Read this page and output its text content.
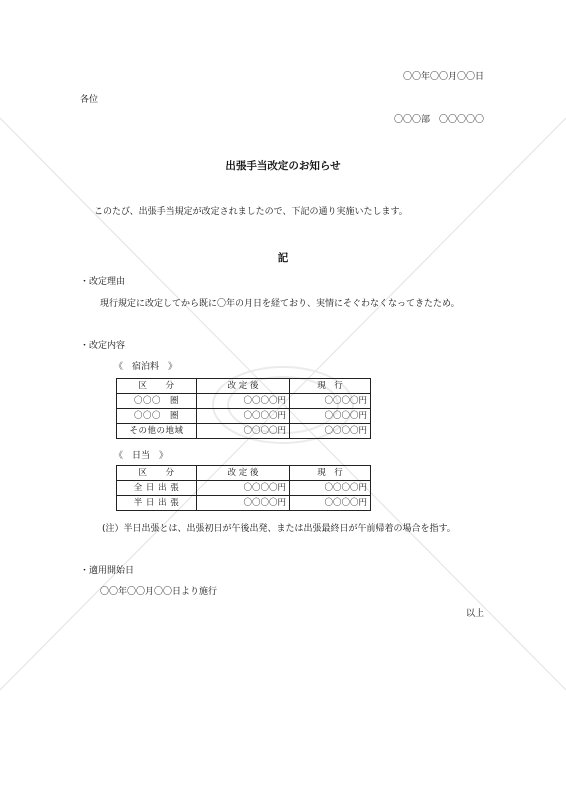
〇〇年〇〇月〇〇日
各位
〇〇〇部　〇〇〇〇〇
出張手当改定のお知らせ
このたび、出張手当規定が改定されましたので、下記の通り実施いたします。
記
・改定理由
現行規定に改定してから既に〇年の月日を経ており、実情にそぐわなくなってきたため。
・改定内容
《　宿泊料　》
区　　分	改 定 後	現　行
〇〇〇　圏	〇〇〇〇円	〇〇〇〇円
〇〇〇　圏	〇〇〇〇円	〇〇〇〇円
その他の地域	〇〇〇〇円	〇〇〇〇円
《　日当　》
区　　分	改 定 後	現　行
全 日 出 張	〇〇〇〇円	〇〇〇〇円
半 日 出 張	〇〇〇〇円	〇〇〇〇円
(注）半日出張とは、出張初日が午後出発、または出張最終日が午前帰着の場合を指す。
・適用開始日
〇〇年〇〇月〇〇日より施行
以上
